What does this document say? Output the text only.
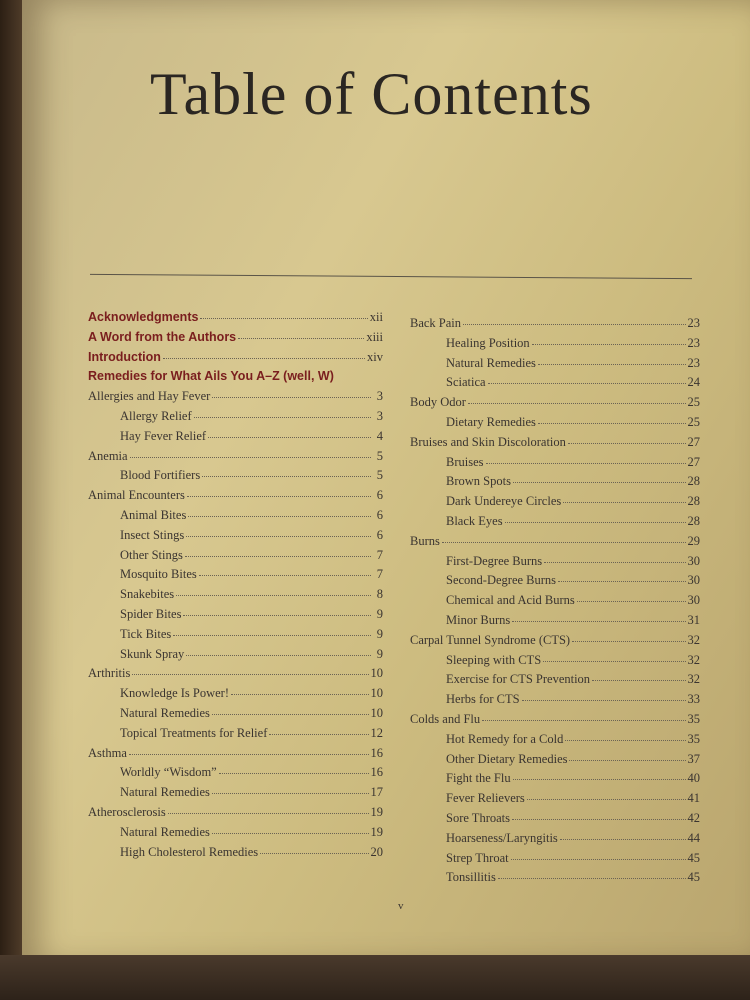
Table of Contents
Acknowledgments	xii
A Word from the Authors	xiii
Introduction	xiv
Remedies for What Ails You A–Z (well, W)
Allergies and Hay Fever	3
Allergy Relief	3
Hay Fever Relief	4
Anemia	5
Blood Fortifiers	5
Animal Encounters	6
Animal Bites	6
Insect Stings	6
Other Stings	7
Mosquito Bites	7
Snakebites	8
Spider Bites	9
Tick Bites	9
Skunk Spray	9
Arthritis	10
Knowledge Is Power!	10
Natural Remedies	10
Topical Treatments for Relief	12
Asthma	16
Worldly “Wisdom”	16
Natural Remedies	17
Atherosclerosis	19
Natural Remedies	19
High Cholesterol Remedies	20
Back Pain	23
Healing Position	23
Natural Remedies	23
Sciatica	24
Body Odor	25
Dietary Remedies	25
Bruises and Skin Discoloration	27
Bruises	27
Brown Spots	28
Dark Undereye Circles	28
Black Eyes	28
Burns	29
First-Degree Burns	30
Second-Degree Burns	30
Chemical and Acid Burns	30
Minor Burns	31
Carpal Tunnel Syndrome (CTS)	32
Sleeping with CTS	32
Exercise for CTS Prevention	32
Herbs for CTS	33
Colds and Flu	35
Hot Remedy for a Cold	35
Other Dietary Remedies	37
Fight the Flu	40
Fever Relievers	41
Sore Throats	42
Hoarseness/Laryngitis	44
Strep Throat	45
Tonsillitis	45
v
